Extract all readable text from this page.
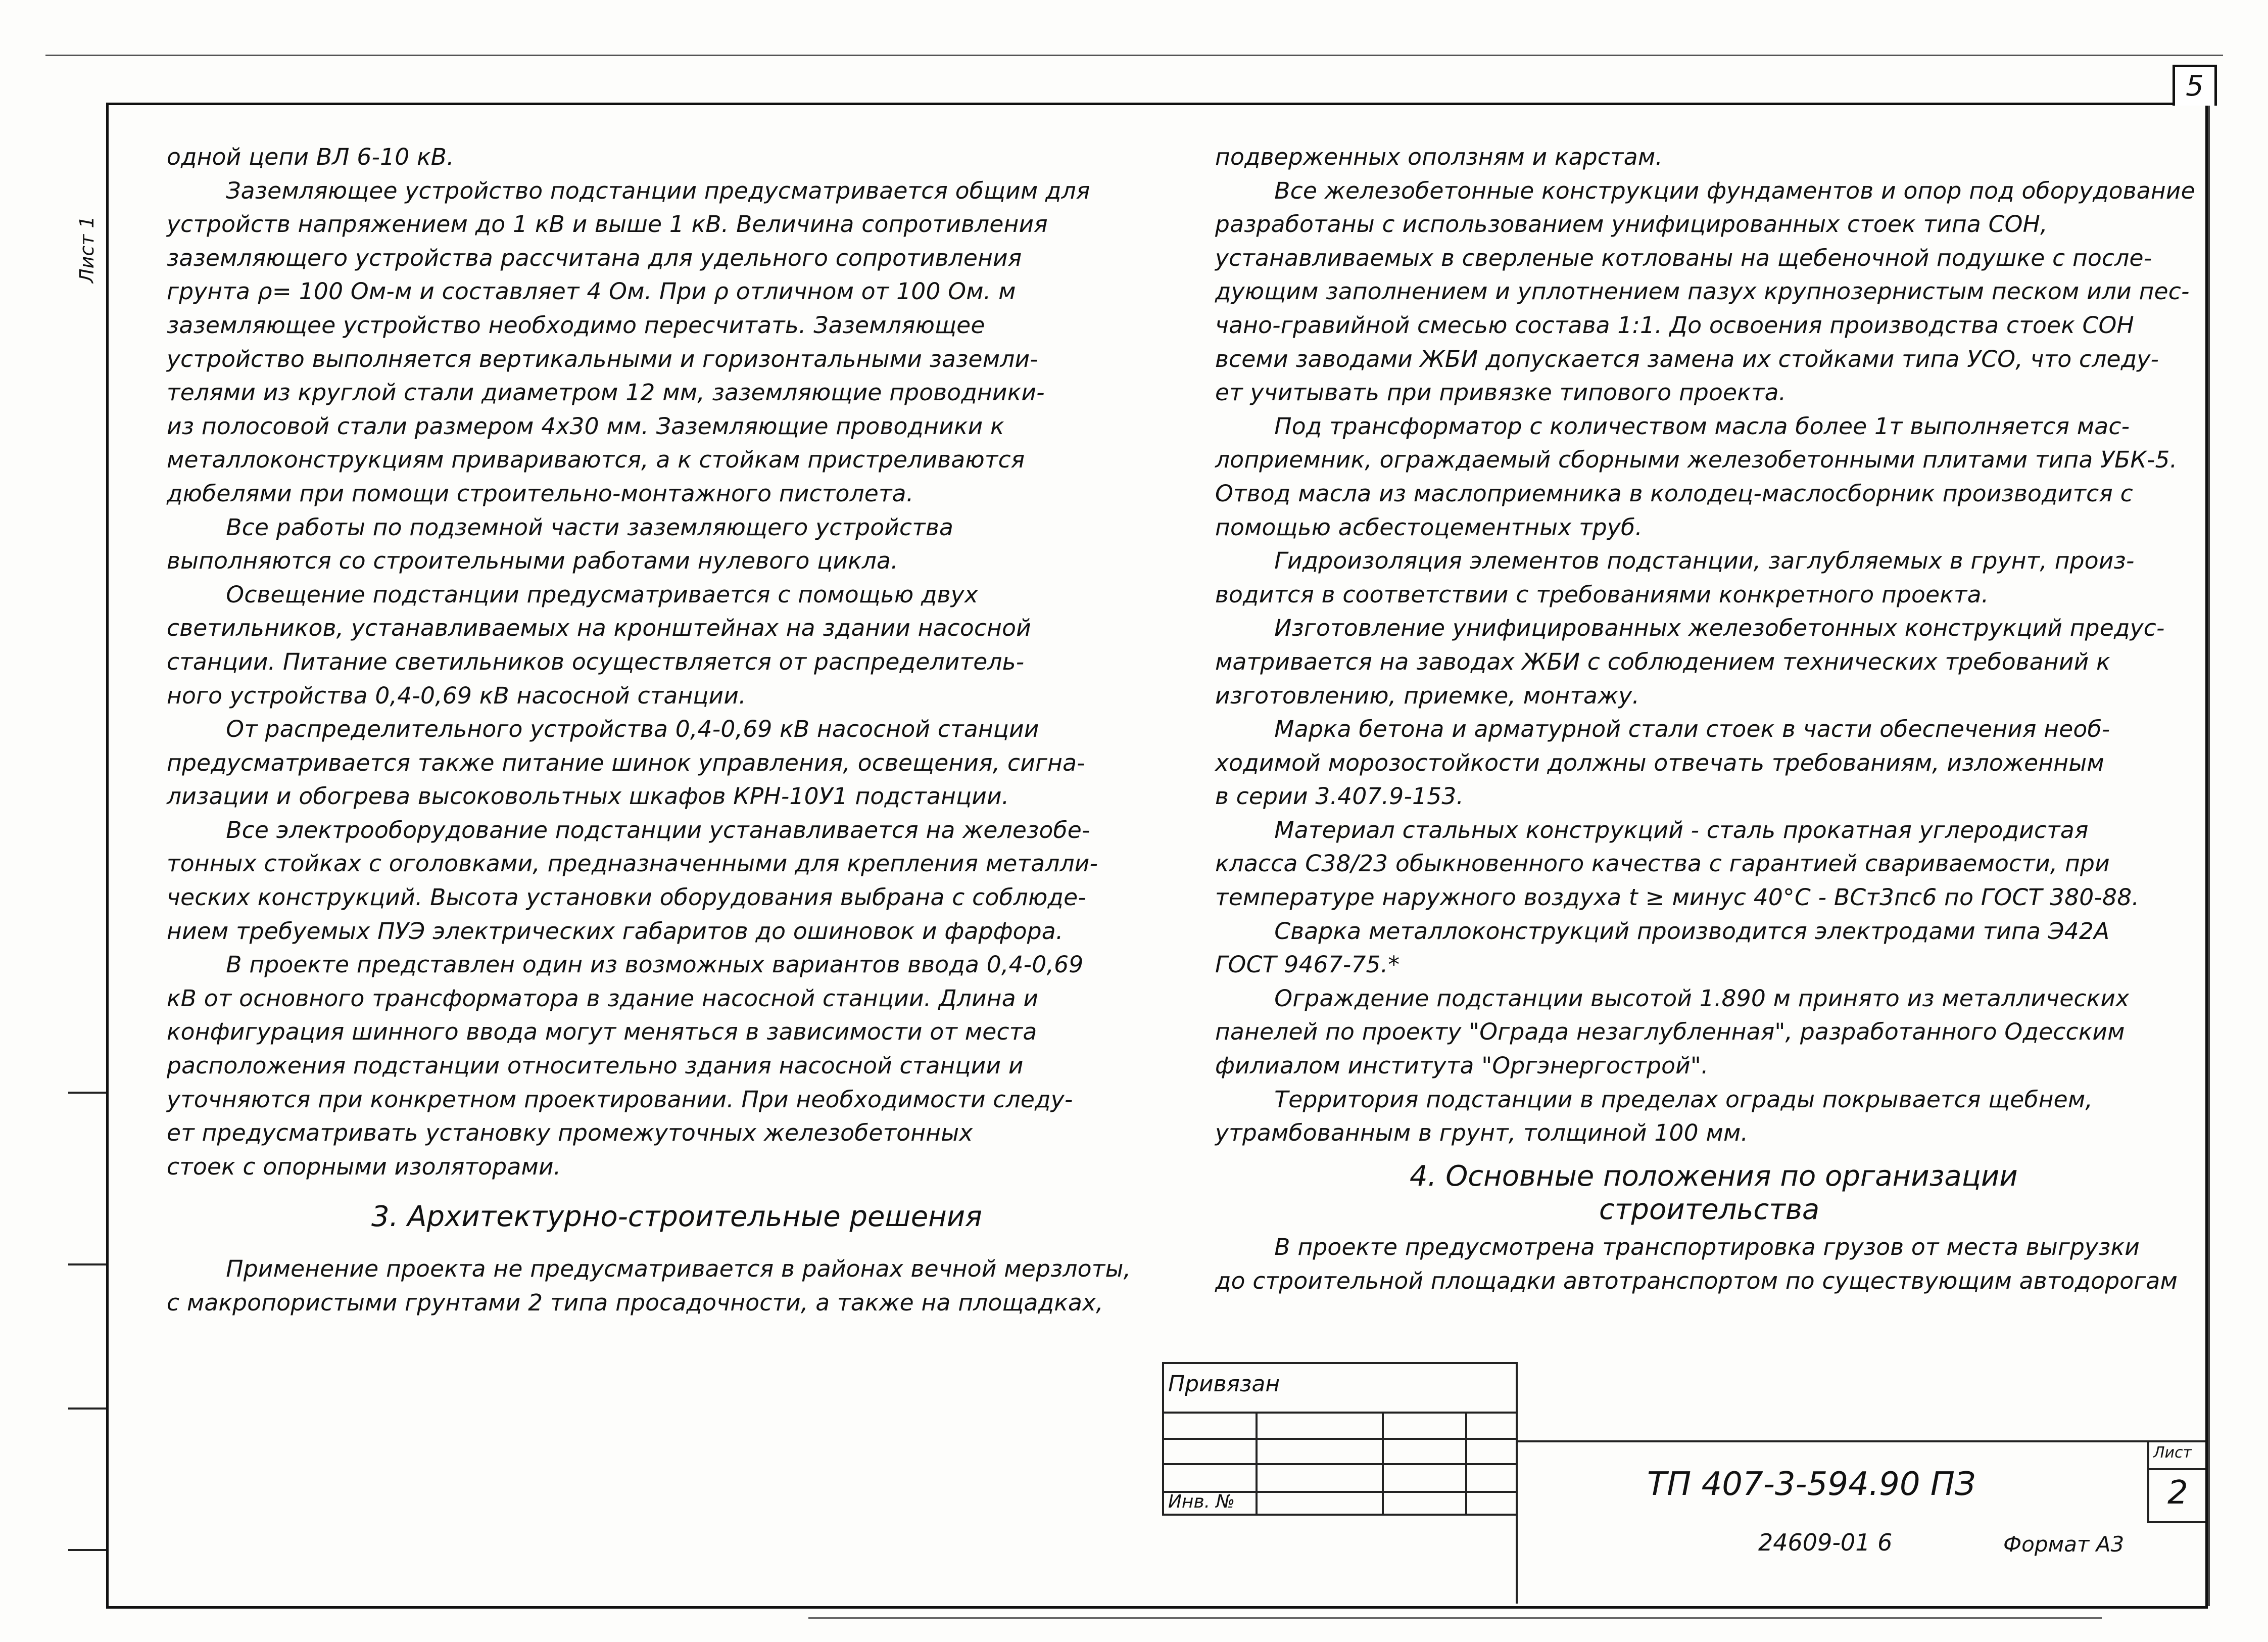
5
Лист 1
одной цепи ВЛ 6-10 кВ.
Заземляющее устройство подстанции предусматривается общим для
устройств напряжением до 1 кВ и выше 1 кВ. Величина сопротивления
заземляющего устройства рассчитана для удельного сопротивления
грунта ρ= 100 Ом-м и составляет 4 Ом. При ρ отличном от 100 Ом. м
заземляющее устройство необходимо пересчитать. Заземляющее
устройство выполняется вертикальными и горизонтальными заземли-
телями из круглой стали диаметром 12 мм, заземляющие проводники-
из полосовой стали размером 4х30 мм. Заземляющие проводники к
металлоконструкциям привариваются, а к стойкам пристреливаются
дюбелями при помощи строительно-монтажного пистолета.
Все работы по подземной части заземляющего устройства
выполняются со строительными работами нулевого цикла.
Освещение подстанции предусматривается с помощью двух
светильников, устанавливаемых на кронштейнах на здании насосной
станции. Питание светильников осуществляется от распределитель-
ного устройства 0,4-0,69 кВ насосной станции.
От распределительного устройства 0,4-0,69 кВ насосной станции
предусматривается также питание шинок управления, освещения, сигна-
лизации и обогрева высоковольтных шкафов КРН-10У1 подстанции.
Все электрооборудование подстанции устанавливается на железобе-
тонных стойках с оголовками, предназначенными для крепления металли-
ческих конструкций. Высота установки оборудования выбрана с соблюде-
нием требуемых ПУЭ электрических габаритов до ошиновок и фарфора.
В проекте представлен один из возможных вариантов ввода 0,4-0,69
кВ от основного трансформатора в здание насосной станции. Длина и
конфигурация шинного ввода могут меняться в зависимости от места
расположения подстанции относительно здания насосной станции и
уточняются при конкретном проектировании. При необходимости следу-
ет предусматривать установку промежуточных железобетонных
стоек с опорными изоляторами.
3. Архитектурно-строительные решения
Применение проекта не предусматривается в районах вечной мерзлоты,
с макропористыми грунтами 2 типа просадочности, а также на площадках,
подверженных оползням и карстам.
Все железобетонные конструкции фундаментов и опор под оборудование
разработаны с использованием унифицированных стоек типа СОН,
устанавливаемых в сверленые котлованы на щебеночной подушке с после-
дующим заполнением и уплотнением пазух крупнозернистым песком или пес-
чано-гравийной смесью состава 1:1. До освоения производства стоек СОН
всеми заводами ЖБИ допускается замена их стойками типа УСО, что следу-
ет учитывать при привязке типового проекта.
Под трансформатор с количеством масла более 1т выполняется мас-
лоприемник, ограждаемый сборными железобетонными плитами типа УБК-5.
Отвод масла из маслоприемника в колодец-маслосборник производится с
помощью асбестоцементных труб.
Гидроизоляция элементов подстанции, заглубляемых в грунт, произ-
водится в соответствии с требованиями конкретного проекта.
Изготовление унифицированных железобетонных конструкций предус-
матривается на заводах ЖБИ с соблюдением технических требований к
изготовлению, приемке, монтажу.
Марка бетона и арматурной стали стоек в части обеспечения необ-
ходимой морозостойкости должны отвечать требованиям, изложенным
в серии 3.407.9-153.
Материал стальных конструкций - сталь прокатная углеродистая
класса С38/23 обыкновенного качества с гарантией свариваемости, при
температуре наружного воздуха t ≥ минус 40°С - ВСт3пс6 по ГОСТ 380-88.
Сварка металлоконструкций производится электродами типа Э42А
ГОСТ 9467-75.*
Ограждение подстанции высотой 1.890 м принято из металлических
панелей по проекту "Ограда незаглубленная", разработанного Одесским
филиалом института "Оргэнергострой".
Территория подстанции в пределах ограды покрывается щебнем,
утрамбованным в грунт, толщиной 100 мм.
4. Основные положения по организации
строительства
В проекте предусмотрена транспортировка грузов от места выгрузки
до строительной площадки автотранспортом по существующим автодорогам
Привязан
Инв. №	ТП 407-3-594.90 ПЗ
Лист
2
24609-01 6	Формат А3
